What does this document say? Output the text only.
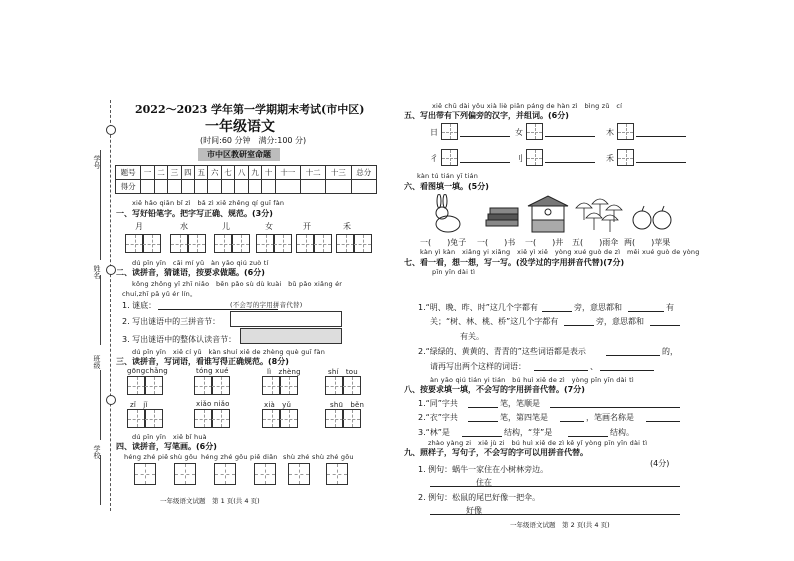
学号
姓名
班级
学校
2022～2023 学年第一学期期末考试(市中区)
一年级语文
(时间:60 分钟　满分:100 分)
市中区教研室命题
题号	一	二	三	四	五	六	七	八	九	十	十一	十二	十三	总分
得分														
xiě hǎo qiān bǐ zì　bǎ zì xiě zhěng qí guī fàn
一、写好铅笔字。把字写正确、规范。(3分)
月	水	儿	女	开	禾
dú pīn yīn　cāi mí yǔ　àn yāo qiú zuò tí
二、读拼音，猜谜语，按要求做题。(6分)
kōng zhōng yī zhī niǎo　bēn pǎo sù dù kuài　bǔ pǎo xiǎng ér
chuí,zhī pā yǔ ér lín。
1. 谜底：	(不会写的字用拼音代替)
2. 写出谜语中的三拼音节：
3. 写出谜语中的整体认读音节：
dú pīn yīn　xiě cí yǔ　kàn shuí xiě de zhèng què guī fàn
三、读拼音，写词语，看谁写得正确规范。(8分)
gōngchǎng	tóng xué	lì　zhèng	shí　tou
zǐ　jǐ	xiǎo niǎo	xià　yǔ	shū　běn
dú pīn yīn　xiě bǐ huà
四、读拼音，写笔画。(6分)
héng zhé piě shù gōu héng zhé gōu piě diǎn shù zhé shù zhé gōu
一年级语文试题　第 1 页(共 4 页)
xiě chū dài yǒu xià liè piān páng de hàn zì　bìng zǔ　cí
五、写出带有下列偏旁的汉字，并组词。(6分)
日	女	木
彳	刂	禾
kàn tú tián yī tián
六、看图填一填。(5分)
一(　　)兔子 一(　　)书 一(　　)井 五(　　)雨伞 两(　　)苹果
kàn yì kàn　xiǎng yi xiǎng　xiě yì xiě　yòng xué guò de zì　měi xué guò de yòng
七、看一看，想一想，写一写。(没学过的字用拼音代替)(7分)
pīn yīn dài tì
1.“明、晚、昨、时”这几个字都有	旁，意思都和	有
关；“树、林、桃、桥”这几个字都有	旁，意思都和
有关。
2.“绿绿的、黄黄的、青青的”这些词语都是表示	的，
请再写出两个这样的词语：	、
àn yāo qiú tián yi tián　bú huì xiě de zì　yòng pīn yīn dài tì
八、按要求填一填，不会写的字用拼音代替。(7分)
1.“同”字共	笔，笔顺是
2.“衣”字共	笔，第四笔是	，笔画名称是
3.“林”是	结构，“芽”是	结构。
zhào yàng zi　xiě jù zi　bú huì xiě de zì kě yǐ yòng pīn yīn dài tì
九、照样子，写句子，不会写的字可以用拼音代替。
(4分)
1. 例句：蜗牛一家住在小树林旁边。
住在
2. 例句：松鼠的尾巴好像一把伞。
好像
一年级语文试题　第 2 页(共 4 页)
